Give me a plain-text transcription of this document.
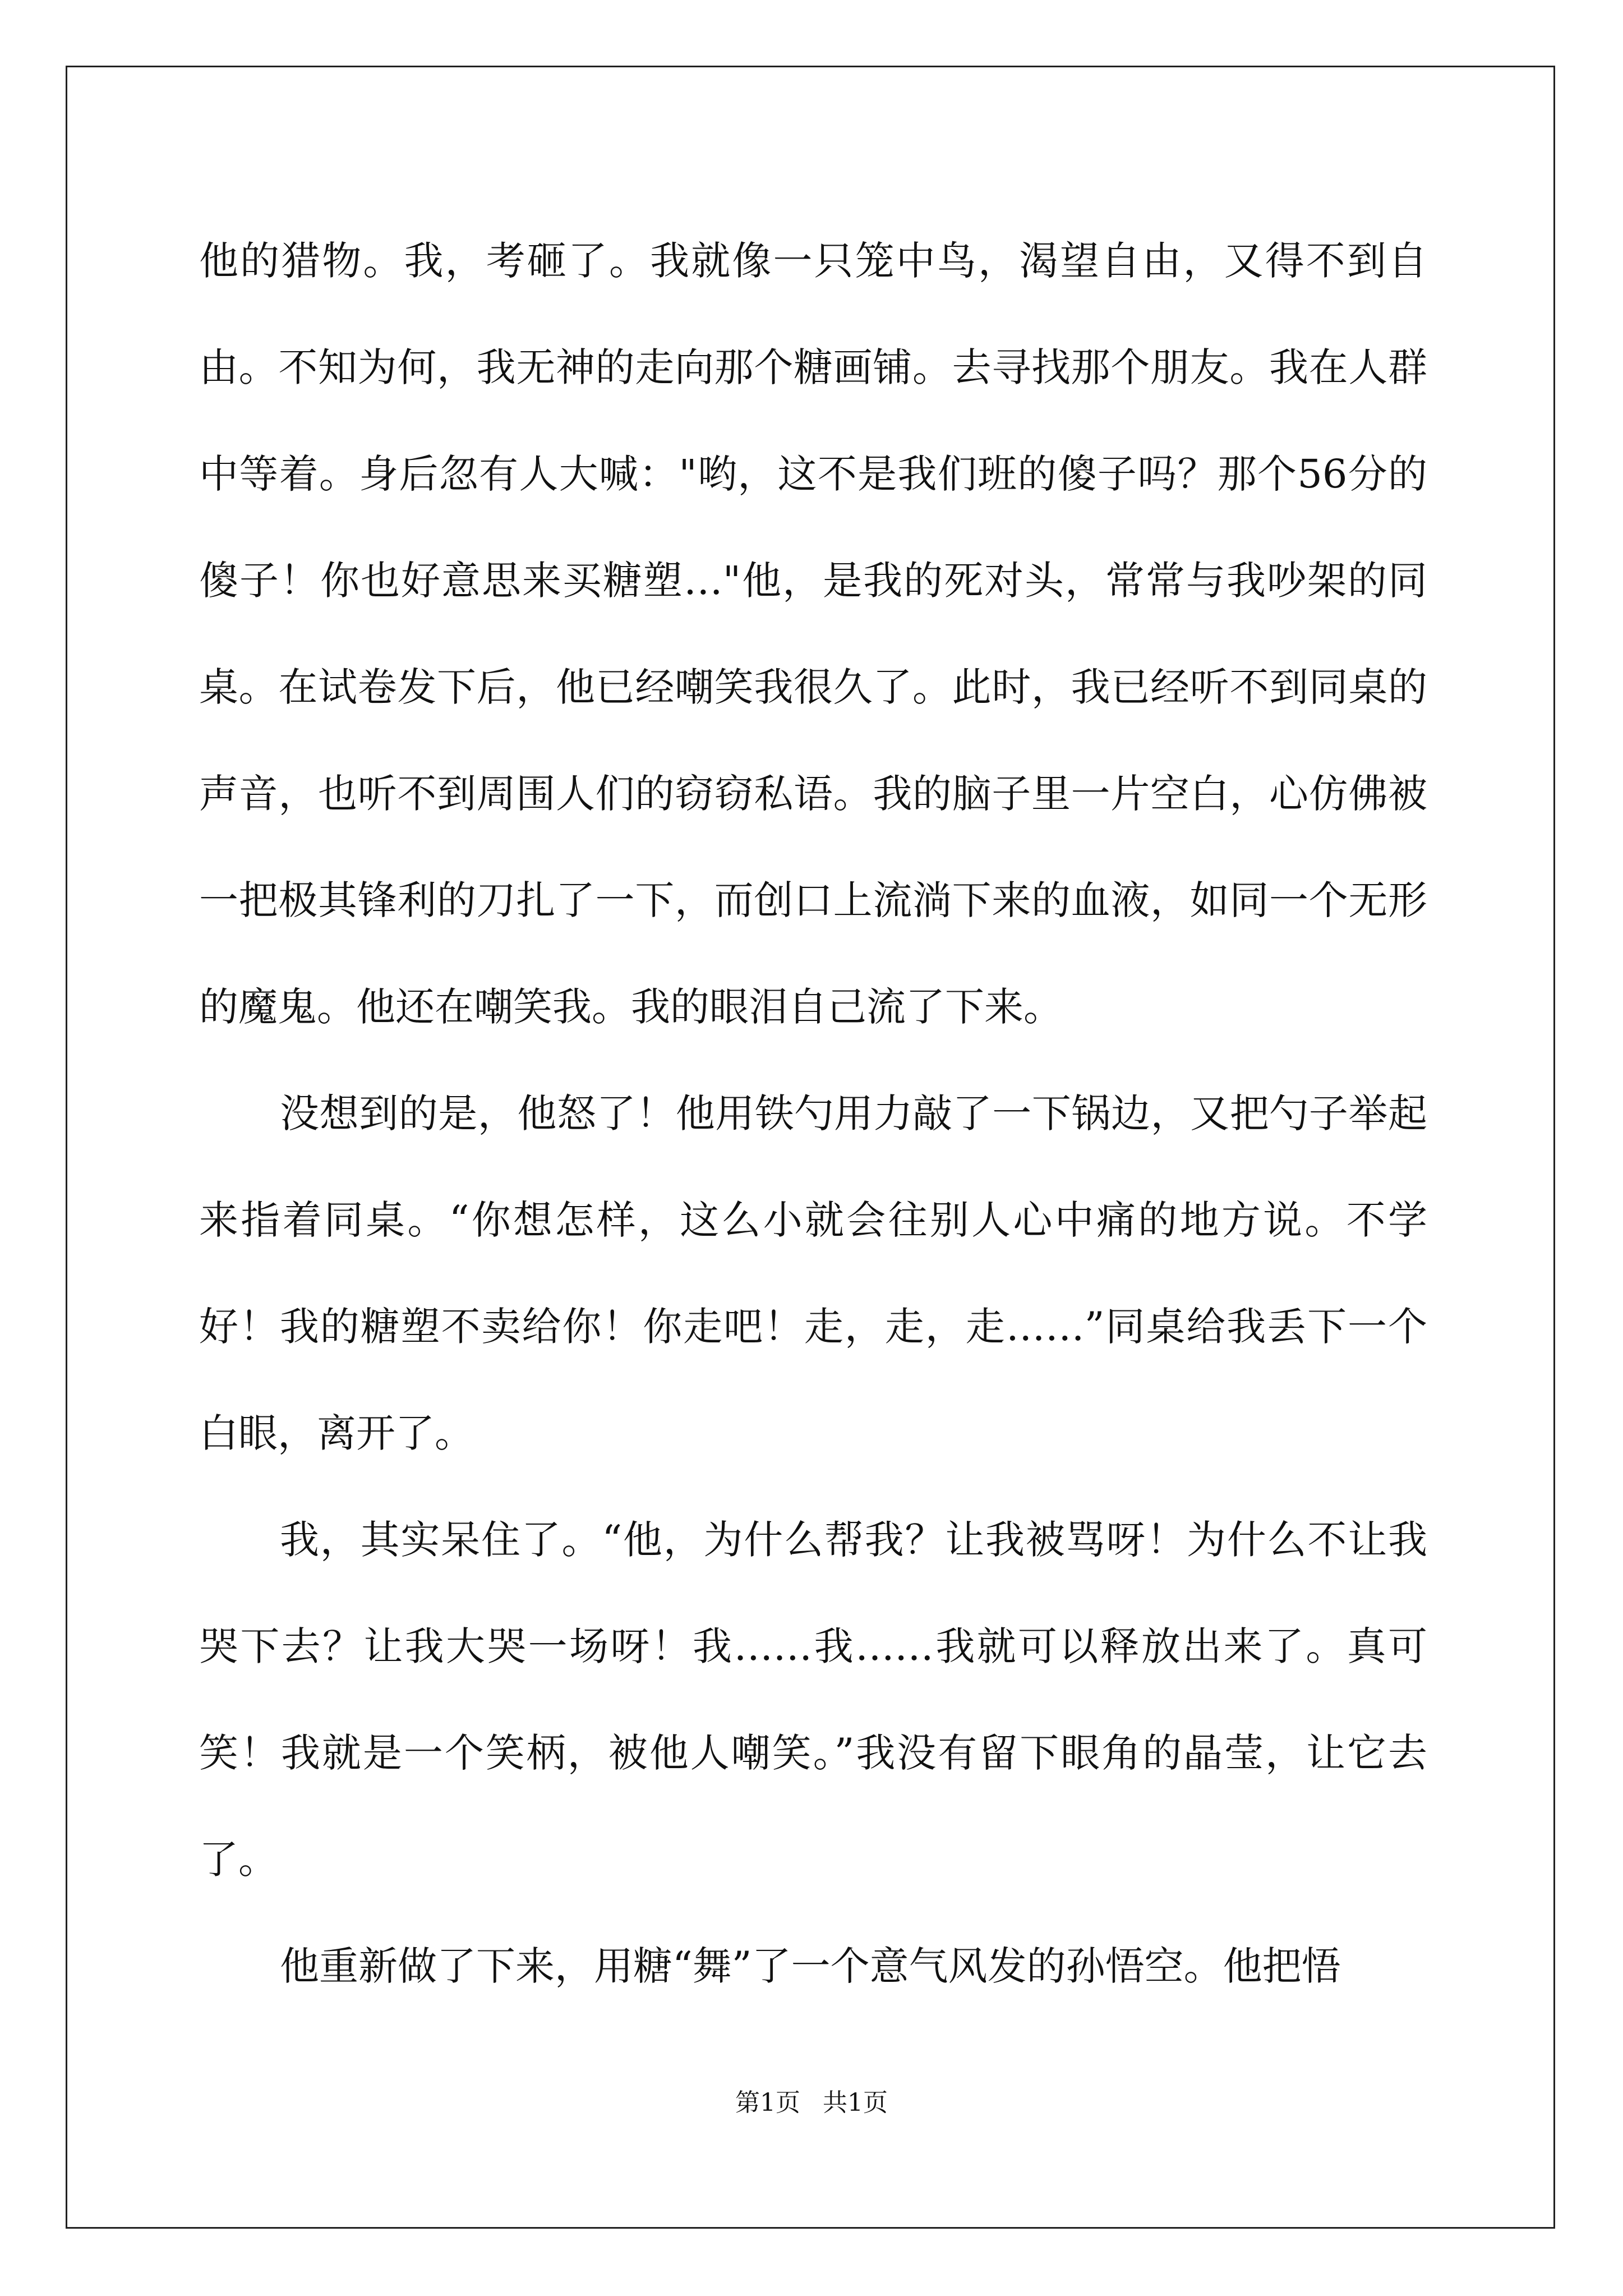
他的猎物。我，考砸了。我就像一只笼中鸟，渴望自由，又得不到自由。不知为何，我无神的走向那个糖画铺。去寻找那个朋友。我在人群中等着。身后忽有人大喊："哟，这不是我们班的傻子吗？那个56分的傻子！你也好意思来买糖塑…"他，是我的死对头，常常与我吵架的同桌。在试卷发下后，他已经嘲笑我很久了。此时，我已经听不到同桌的声音，也听不到周围人们的窃窃私语。我的脑子里一片空白，心仿佛被一把极其锋利的刀扎了一下，而创口上流淌下来的血液，如同一个无形的魔鬼。他还在嘲笑我。我的眼泪自己流了下来。

没想到的是，他怒了！他用铁勺用力敲了一下锅边，又把勺子举起来指着同桌。“你想怎样，这么小就会往别人心中痛的地方说。不学好！我的糖塑不卖给你！你走吧！走，走，走……”同桌给我丢下一个白眼，离开了。

我，其实呆住了。“他，为什么帮我？让我被骂呀！为什么不让我哭下去？让我大哭一场呀！我……我……我就可以释放出来了。真可笑！我就是一个笑柄，被他人嘲笑。”我没有留下眼角的晶莹，让它去了。

他重新做了下来，用糖“舞”了一个意气风发的孙悟空。他把悟

第1页 共1页
